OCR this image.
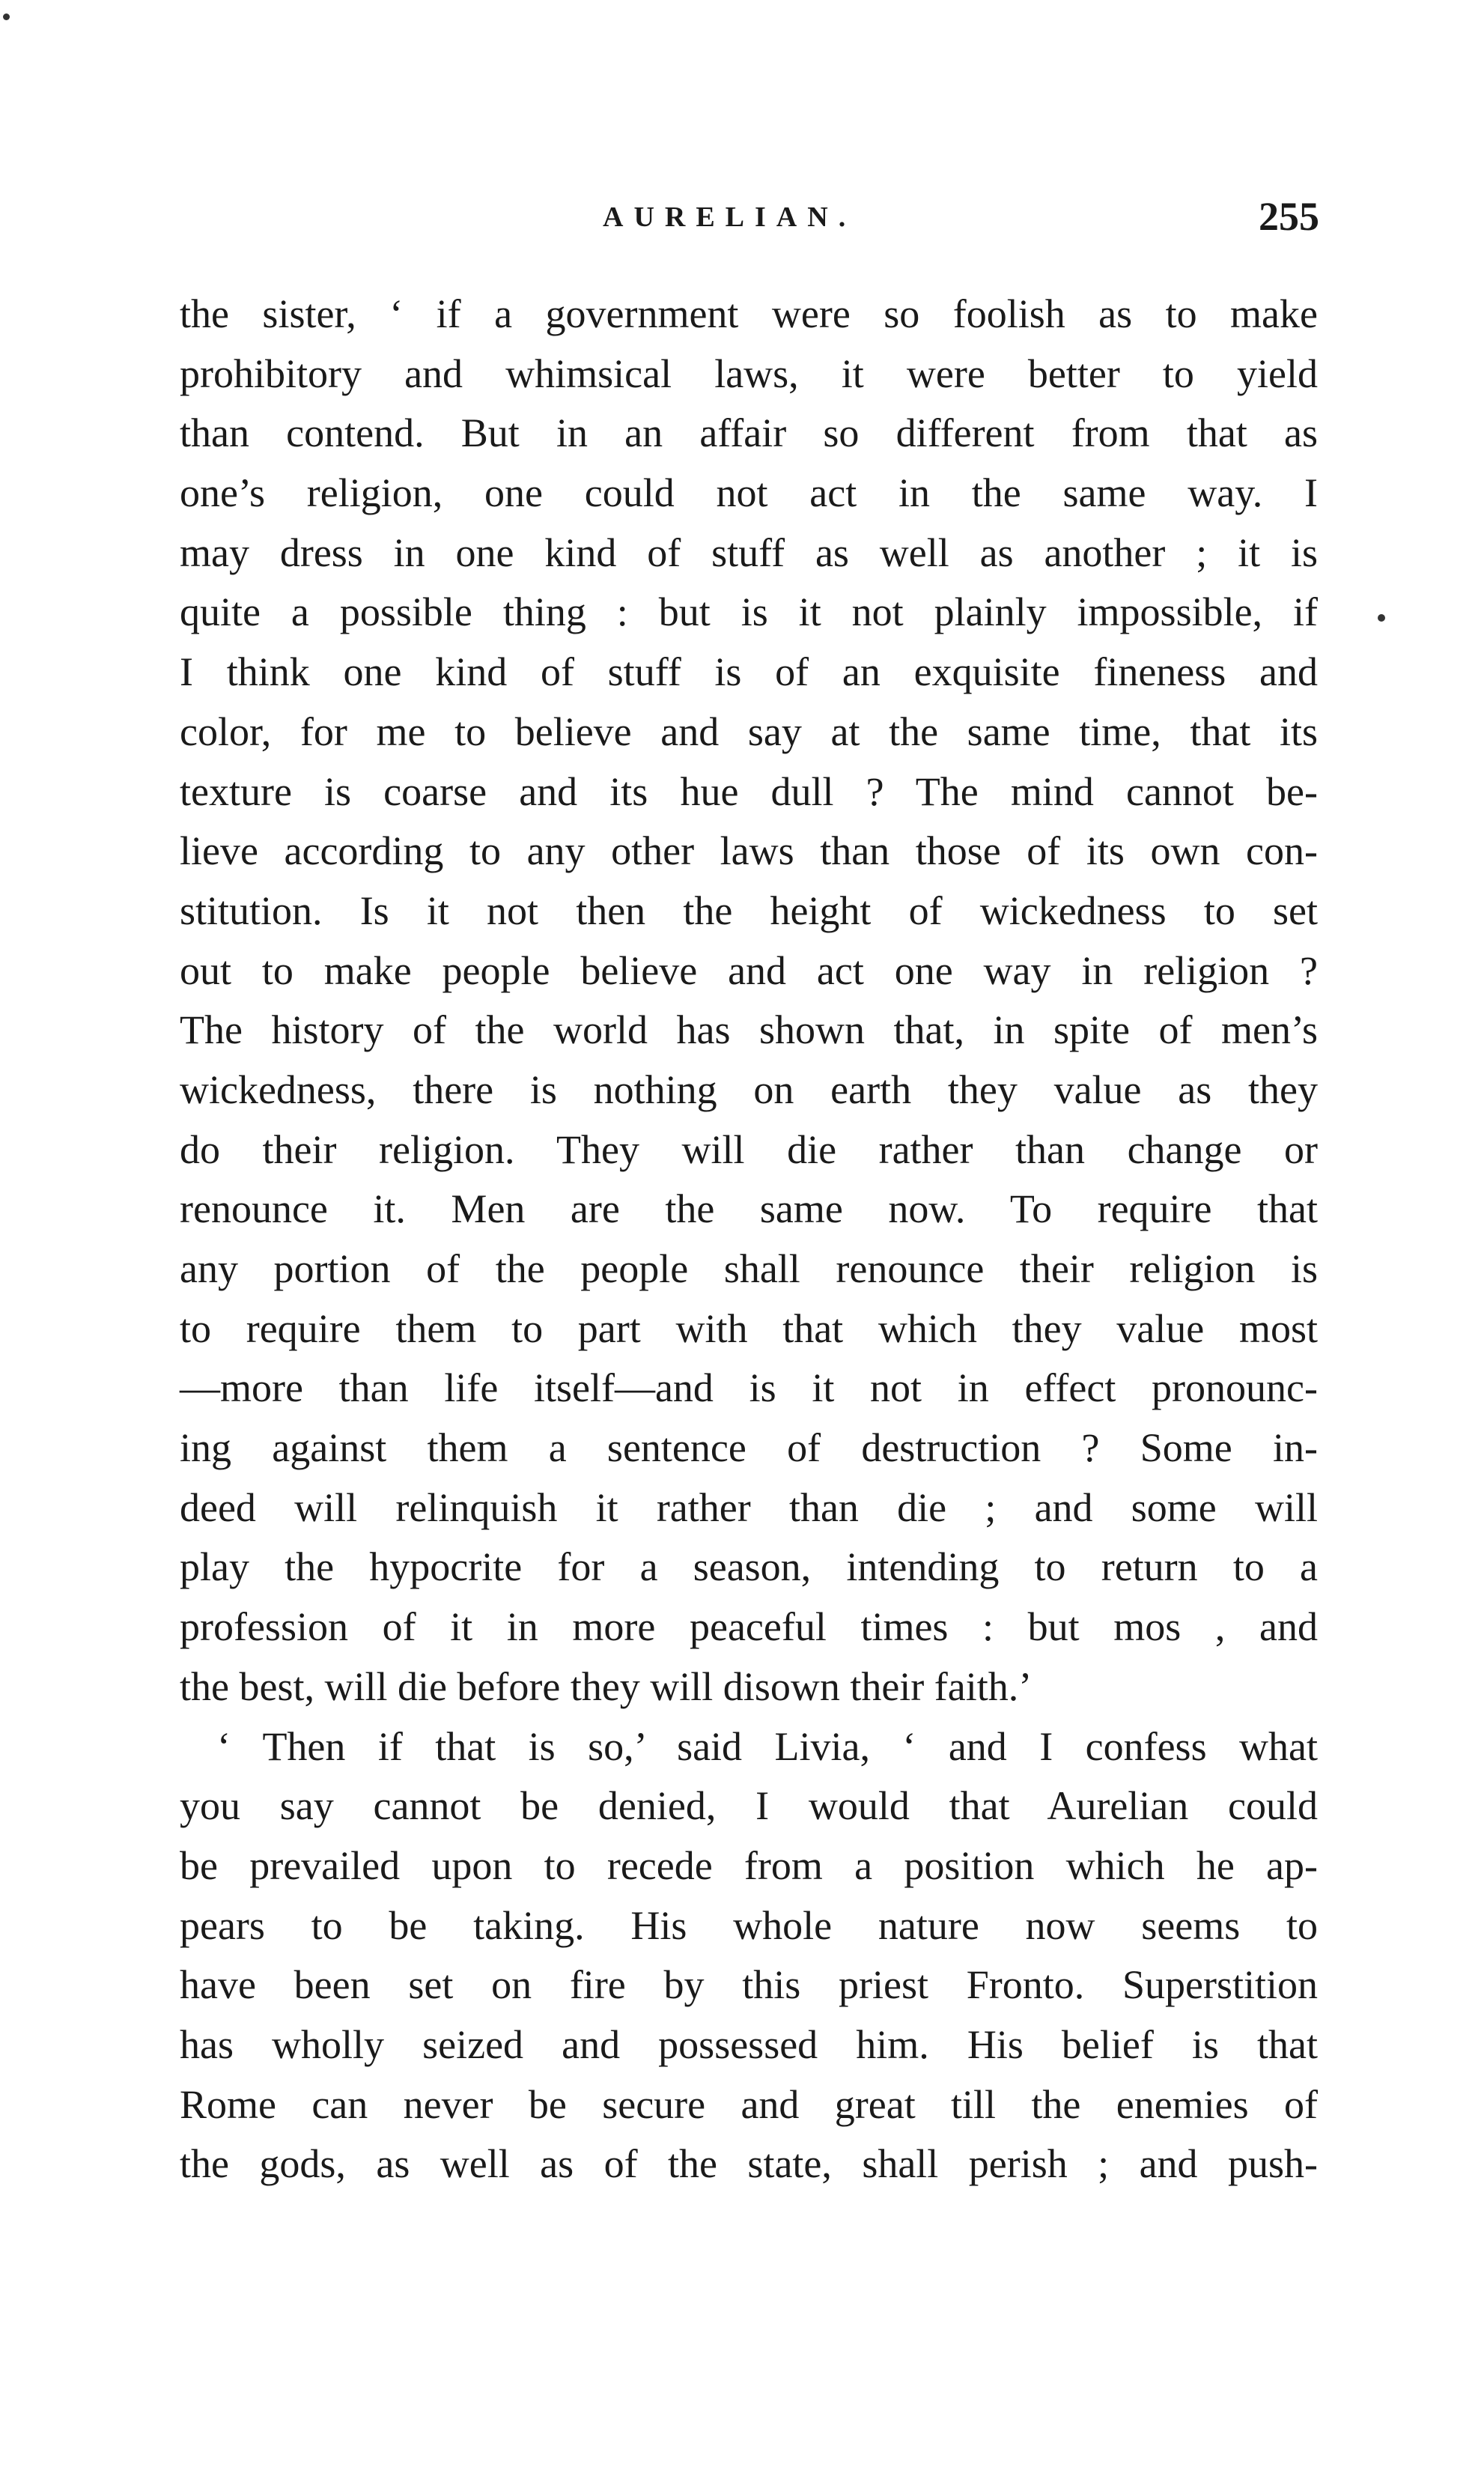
AURELIAN.	255
the sister, ‘ if a government were so foolish as to make
prohibitory and whimsical laws, it were better to yield
than contend. But in an affair so different from that as
one’s religion, one could not act in the same way. I
may dress in one kind of stuff as well as another ; it is
quite a possible thing : but is it not plainly impossible, if
I think one kind of stuff is of an exquisite fineness and
color, for me to believe and say at the same time, that its
texture is coarse and its hue dull ? The mind cannot be-
lieve according to any other laws than those of its own con-
stitution. Is it not then the height of wickedness to set
out to make people believe and act one way in religion ?
The history of the world has shown that, in spite of men’s
wickedness, there is nothing on earth they value as they
do their religion. They will die rather than change or
renounce it. Men are the same now. To require that
any portion of the people shall renounce their religion is
to require them to part with that which they value most
—more than life itself—and is it not in effect pronounc-
ing against them a sentence of destruction ? Some in-
deed will relinquish it rather than die ; and some will
play the hypocrite for a season, intending to return to a
profession of it in more peaceful times : but mos , and
the best, will die before they will disown their faith.’
‘ Then if that is so,’ said Livia, ‘ and I confess what
you say cannot be denied, I would that Aurelian could
be prevailed upon to recede from a position which he ap-
pears to be taking. His whole nature now seems to
have been set on fire by this priest Fronto. Superstition
has wholly seized and possessed him. His belief is that
Rome can never be secure and great till the enemies of
the gods, as well as of the state, shall perish ; and push-
